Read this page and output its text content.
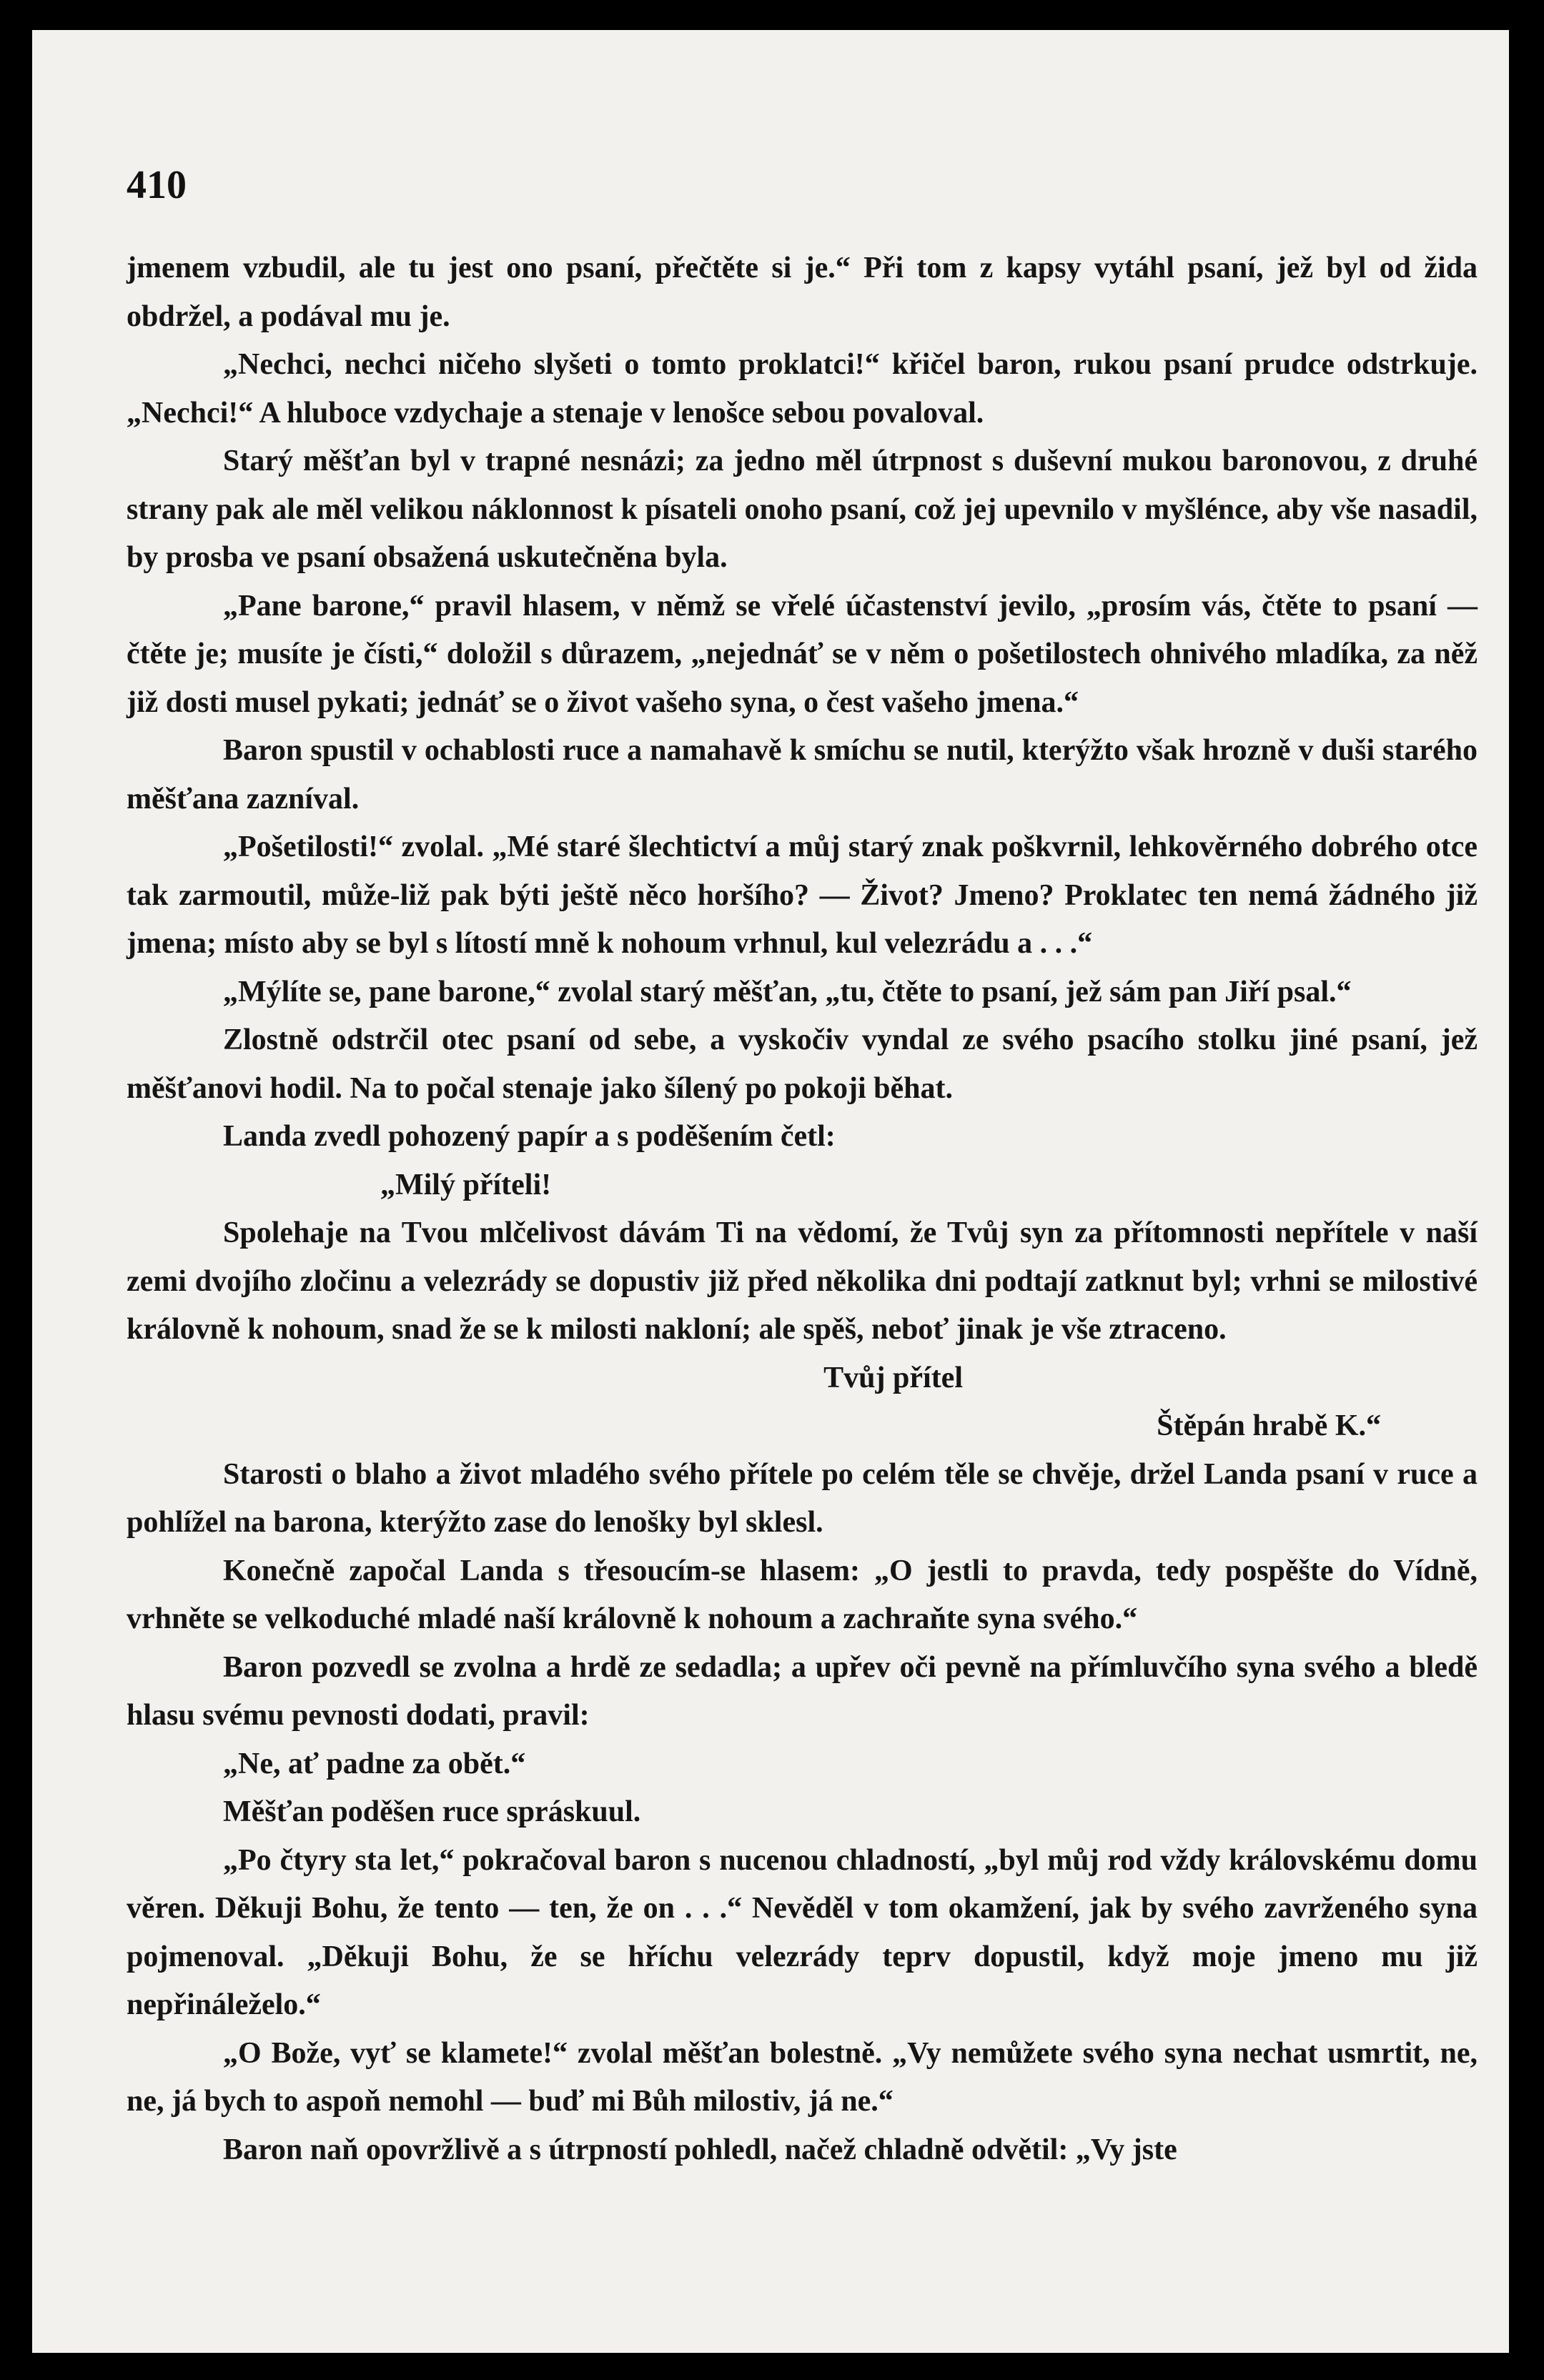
410

jmenem vzbudil, ale tu jest ono psaní, přečtěte si je.“ Při tom z kapsy vytáhl psaní, jež byl od žida obdržel, a podával mu je.

„Nechci, nechci ničeho slyšeti o tomto proklatci!“ křičel baron, rukou psaní prudce odstrkuje. „Nechci!“ A hluboce vzdychaje a stenaje v lenošce sebou povaloval.

Starý měšťan byl v trapné nesnázi; za jedno měl útrpnost s duševní mukou baronovou, z druhé strany pak ale měl velikou náklonnost k písateli onoho psaní, což jej upevnilo v myšlénce, aby vše nasadil, by prosba ve psaní obsažená uskutečněna byla.

„Pane barone,“ pravil hlasem, v němž se vřelé účastenství jevilo, „prosím vás, čtěte to psaní — čtěte je; musíte je čísti,“ doložil s důrazem, „nejednáť se v něm o pošetilostech ohnivého mladíka, za něž již dosti musel pykati; jednáť se o život vašeho syna, o čest vašeho jmena.“

Baron spustil v ochablosti ruce a namahavě k smíchu se nutil, kterýžto však hrozně v duši starého měšťana zazníval.

„Pošetilosti!“ zvolal. „Mé staré šlechtictví a můj starý znak poškvrnil, lehkověrného dobrého otce tak zarmoutil, může-liž pak býti ještě něco horšího? — Život? Jmeno? Proklatec ten nemá žádného již jmena; místo aby se byl s lítostí mně k nohoum vrhnul, kul velezrádu a . . .“

„Mýlíte se, pane barone,“ zvolal starý měšťan, „tu, čtěte to psaní, jež sám pan Jiří psal.“

Zlostně odstrčil otec psaní od sebe, a vyskočiv vyndal ze svého psacího stolku jiné psaní, jež měšťanovi hodil. Na to počal stenaje jako šílený po pokoji běhat.

Landa zvedl pohozený papír a s poděšením četl:

„Milý příteli!

Spolehaje na Tvou mlčelivost dávám Ti na vědomí, že Tvůj syn za přítomnosti nepřítele v naší zemi dvojího zločinu a velezrády se dopustiv již před několika dni podtají zatknut byl; vrhni se milostivé královně k nohoum, snad že se k milosti nakloní; ale spěš, neboť jinak je vše ztraceno.

Tvůj přítel

Štěpán hrabě K.“

Starosti o blaho a život mladého svého přítele po celém těle se chvěje, držel Landa psaní v ruce a pohlížel na barona, kterýžto zase do lenošky byl sklesl.

Konečně započal Landa s třesoucím-se hlasem: „O jestli to pravda, tedy pospěšte do Vídně, vrhněte se velkoduché mladé naší královně k nohoum a zachraňte syna svého.“

Baron pozvedl se zvolna a hrdě ze sedadla; a upřev oči pevně na přímluvčího syna svého a bledě hlasu svému pevnosti dodati, pravil:

„Ne, ať padne za obět.“

Měšťan poděšen ruce spráskuul.

„Po čtyry sta let,“ pokračoval baron s nucenou chladností, „byl můj rod vždy královskému domu věren. Děkuji Bohu, že tento — ten, že on . . .“ Nevěděl v tom okamžení, jak by svého zavrženého syna pojmenoval. „Děkuji Bohu, že se hříchu velezrády teprv dopustil, když moje jmeno mu již nepřináleželo.“

„O Bože, vyť se klamete!“ zvolal měšťan bolestně. „Vy nemůžete svého syna nechat usmrtit, ne, ne, já bych to aspoň nemohl — buď mi Bůh milostiv, já ne.“

Baron naň opovržlivě a s útrpností pohledl, načež chladně odvětil: „Vy jste
